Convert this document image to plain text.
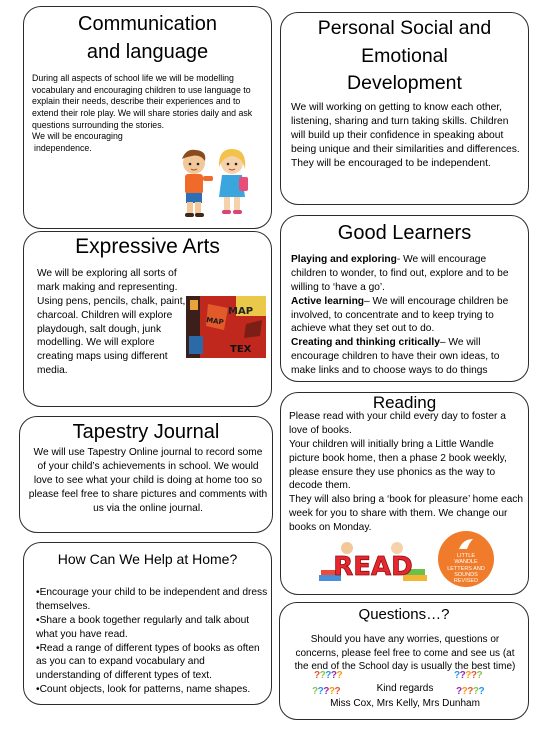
Communication
and language

During all aspects of school life we will be modelling vocabulary and encouraging children to use language to explain their needs, describe their experiences and to extend their role play. We will share stories daily and ask questions surrounding the stories.

We will be encouraging

independence.

Personal Social and
Emotional
Development

We will working on getting to know each other, listening, sharing and turn taking skills. Children will build up their confidence in speaking about being unique and their similarities and differences.

They will be encouraged to be independent.

Expressive Arts

We will be exploring all sorts of mark making and representing. Using pens, pencils, chalk, paint, charcoal. Children will explore playdough, salt dough, junk modelling. We will explore creating maps using different media.

MAP
MAP
TEX
Good Learners

Playing and exploring- We will encourage children to wonder, to find out, explore and to be willing to ‘have a go’.

Active learning– We will encourage children be involved, to concentrate and to keep trying to achieve what they set out to do.

Creating and thinking critically– We will encourage children to have their own ideas, to make links and to choose ways to do things

Tapestry Journal

We will use Tapestry Online journal to record some of your child’s achievements in school. We would love to see what your child is doing at home too so please feel free to share pictures and comments with us via the online journal.

Reading

Please read with your child every day to foster a love of books.

Your children will initially bring a Little Wandle picture book home, then a phase 2 book weekly, please ensure they use phonics as the way to decode them.

They will also bring a ‘book for pleasure’ home each week for you to share with them. We change our books on Monday.

READ	LITTLE WANDLE LETTERS AND SOUNDS REVISED
How Can We Help at Home?

•Encourage your child to be independent and dress themselves.

•Share a book together regularly and talk about what you have read.

•Read a range of different types of books as often as you can to expand vocabulary and understanding of different types of text.

•Count objects, look for patterns, name shapes.

Questions…?

Should you have any worries, questions or concerns, please feel free to come and see us (at the end of the School day is usually the best time)

Kind regards

Miss Cox, Mrs Kelly, Mrs Dunham

?????
?????
?????
?????
